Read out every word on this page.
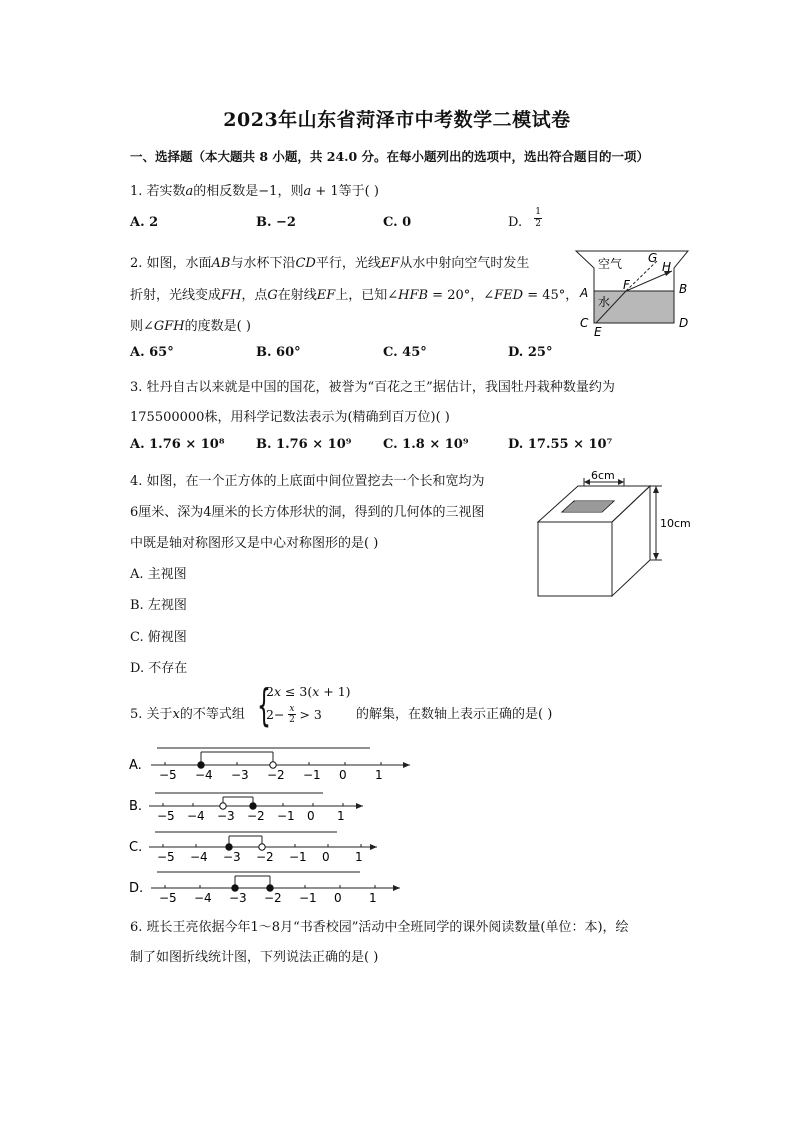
2023年山东省菏泽市中考数学二模试卷
一、选择题（本大题共 8 小题，共 24.0 分。在每小题列出的选项中，选出符合题目的一项）
1. 若实数𝑎的相反数是−1，则𝑎 + 1等于( )
A. 2	B. −2	C. 0	D. $\frac{1}{2}$
2. 如图，水面𝐴𝐵与水杯下沿𝐶𝐷平行，光线𝐸𝐹从水中射向空气时发生
折射，光线变成𝐹𝐻，点𝐺在射线𝐸𝐹上，已知∠𝐻𝐹𝐵 = 20°，∠𝐹𝐸𝐷 = 45°，
则∠𝐺𝐹𝐻的度数是( )
空气
水
A	B
C	D
E
F
G
H
A. 65°	B. 60°	C. 45°	D. 25°
3. 牡丹自古以来就是中国的国花，被誉为“百花之王”据估计，我国牡丹栽种数量约为
175500000株，用科学记数法表示为(精确到百万位)( )
A. 1.76 × 10⁸ B. 1.76 × 10⁹ C. 1.8 × 10⁹	D. 17.55 × 10⁷
4. 如图，在一个正方体的上底面中间位置挖去一个长和宽均为
6厘米、深为4厘米的长方体形状的洞，得到的几何体的三视图
中既是轴对称图形又是中心对称图形的是( )
A. 主视图
B. 左视图
C. 俯视图
D. 不存在
6cm
10cm
5. 关于𝑥的不等式组 {
2𝑥 ≤ 3(𝑥 + 1)
2− 𝑥
2 > 3	的解集，在数轴上表示正确的是( )
A.
−5 −4 −3 −2 −1 0 1
B.
−5 −4 −3 −2 −1 0 1
C.
−5 −4 −3 −2 −1 0 1
D.
−5 −4 −3 −2 −1 0 1
6. 班长王亮依据今年1～8月“书香校园”活动中全班同学的课外阅读数量(单位：本)，绘
制了如图折线统计图，下列说法正确的是( )
